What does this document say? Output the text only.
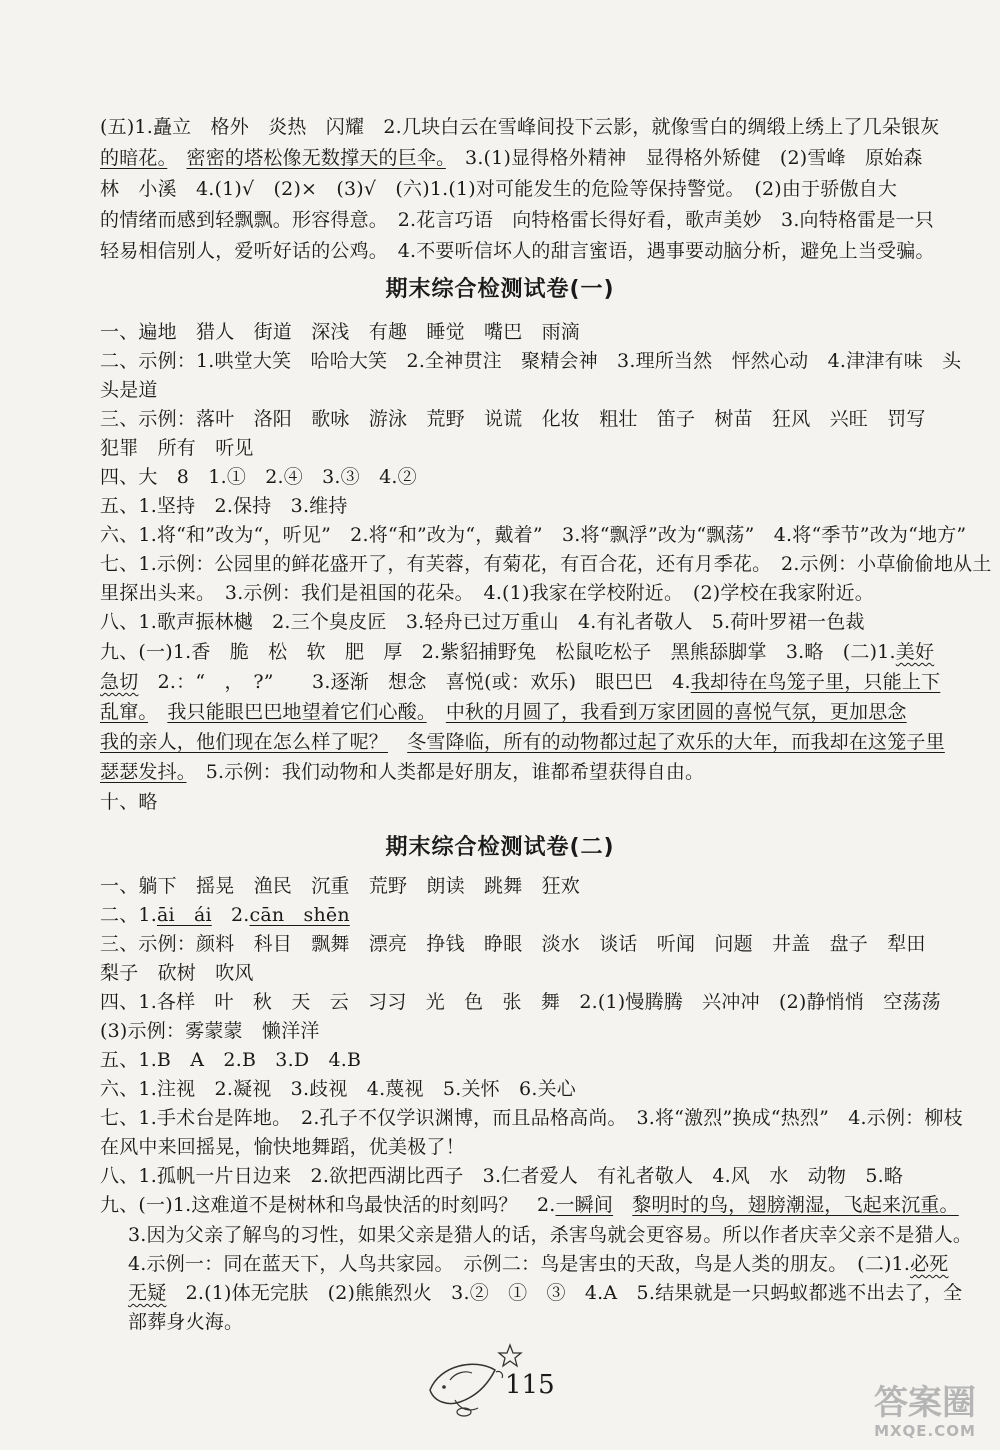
(五)1.矗立　格外　炎热　闪耀　2.几块白云在雪峰间投下云影，就像雪白的绸缎上绣上了几朵银灰
的暗花。　 密密的塔松像无数撑天的巨伞。　3.(1)显得格外精神　显得格外矫健　(2)雪峰　原始森
林　小溪　4.(1)√　(2)×　(3)√　(六)1.(1)对可能发生的危险等保持警觉。　(2)由于骄傲自大
的情绪而感到轻飘飘。形容得意。　2.花言巧语　向特格雷长得好看，歌声美妙　3.向特格雷是一只
轻易相信别人，爱听好话的公鸡。　4.不要听信坏人的甜言蜜语，遇事要动脑分析，避免上当受骗。
期末综合检测试卷(一)
一、遍地　猎人　街道　深浅　有趣　睡觉　嘴巴　雨滴
二、示例：1.哄堂大笑　哈哈大笑　2.全神贯注　聚精会神　3.理所当然　怦然心动　4.津津有味　头
头是道
三、示例：落叶　洛阳　歌咏　游泳　荒野　说谎　化妆　粗壮　笛子　树苗　狂风　兴旺　罚写
犯罪　所有　听见
四、大　8　1.①　2.④　3.③　4.②
五、1.坚持　2.保持　3.维持
六、1.将“和”改为“，听见”　2.将“和”改为“，戴着”　3.将“飘浮”改为“飘荡”　4.将“季节”改为“地方”
七、1.示例：公园里的鲜花盛开了，有芙蓉，有菊花，有百合花，还有月季花。　2.示例：小草偷偷地从土
里探出头来。　3.示例：我们是祖国的花朵。　4.(1)我家在学校附近。　(2)学校在我家附近。
八、1.歌声振林樾　2.三个臭皮匠　3.轻舟已过万重山　4.有礼者敬人　5.荷叶罗裙一色裁
九、(一)1.香　脆　松　软　肥　厚　2.紫貂捕野兔　松鼠吃松子　黑熊舔脚掌　3.略　(二)1.美好
急切　2.：“　，　?”　　3.逐渐　想念　喜悦(或：欢乐)　眼巴巴　4.我却待在鸟笼子里，只能上下
乱窜。　 我只能眼巴巴地望着它们心酸。　 中秋的月圆了，我看到万家团圆的喜悦气氛，更加思念
我的亲人，他们现在怎么样了呢？　 冬雪降临，所有的动物都过起了欢乐的大年，而我却在这笼子里
瑟瑟发抖。　5.示例：我们动物和人类都是好朋友，谁都希望获得自由。
十、略
期末综合检测试卷(二)
一、躺下　摇晃　渔民　沉重　荒野　朗读　跳舞　狂欢
二、1.āi　ái　2.cān　shēn
三、示例：颜料　科目　飘舞　漂亮　挣钱　睁眼　淡水　谈话　听闻　问题　井盖　盘子　犁田
梨子　砍树　吹风
四、1.各样　叶　秋　天　云　习习　光　色　张　舞　2.(1)慢腾腾　兴冲冲　(2)静悄悄　空荡荡
(3)示例：雾蒙蒙　懒洋洋
五、1.B　A　2.B　3.D　4.B
六、1.注视　2.凝视　3.歧视　4.蔑视　5.关怀　6.关心
七、1.手术台是阵地。　2.孔子不仅学识渊博，而且品格高尚。　3.将“激烈”换成“热烈”　4.示例：柳枝
在风中来回摇晃，愉快地舞蹈，优美极了！
八、1.孤帆一片日边来　2.欲把西湖比西子　3.仁者爱人　有礼者敬人　4.风　水　动物　5.略
九、(一)1.这难道不是树林和鸟最快活的时刻吗？　2.一瞬间　 黎明时的鸟，翅膀潮湿，飞起来沉重。
3.因为父亲了解鸟的习性，如果父亲是猎人的话，杀害鸟就会更容易。所以作者庆幸父亲不是猎人。
4.示例一：同在蓝天下，人鸟共家园。　示例二：鸟是害虫的天敌，鸟是人类的朋友。　(二)1.必死
无疑　2.(1)体无完肤　(2)熊熊烈火　3.②　①　③　4.A　5.结果就是一只蚂蚁都逃不出去了，全
部葬身火海。
115	答案圈
MXQE.COM
